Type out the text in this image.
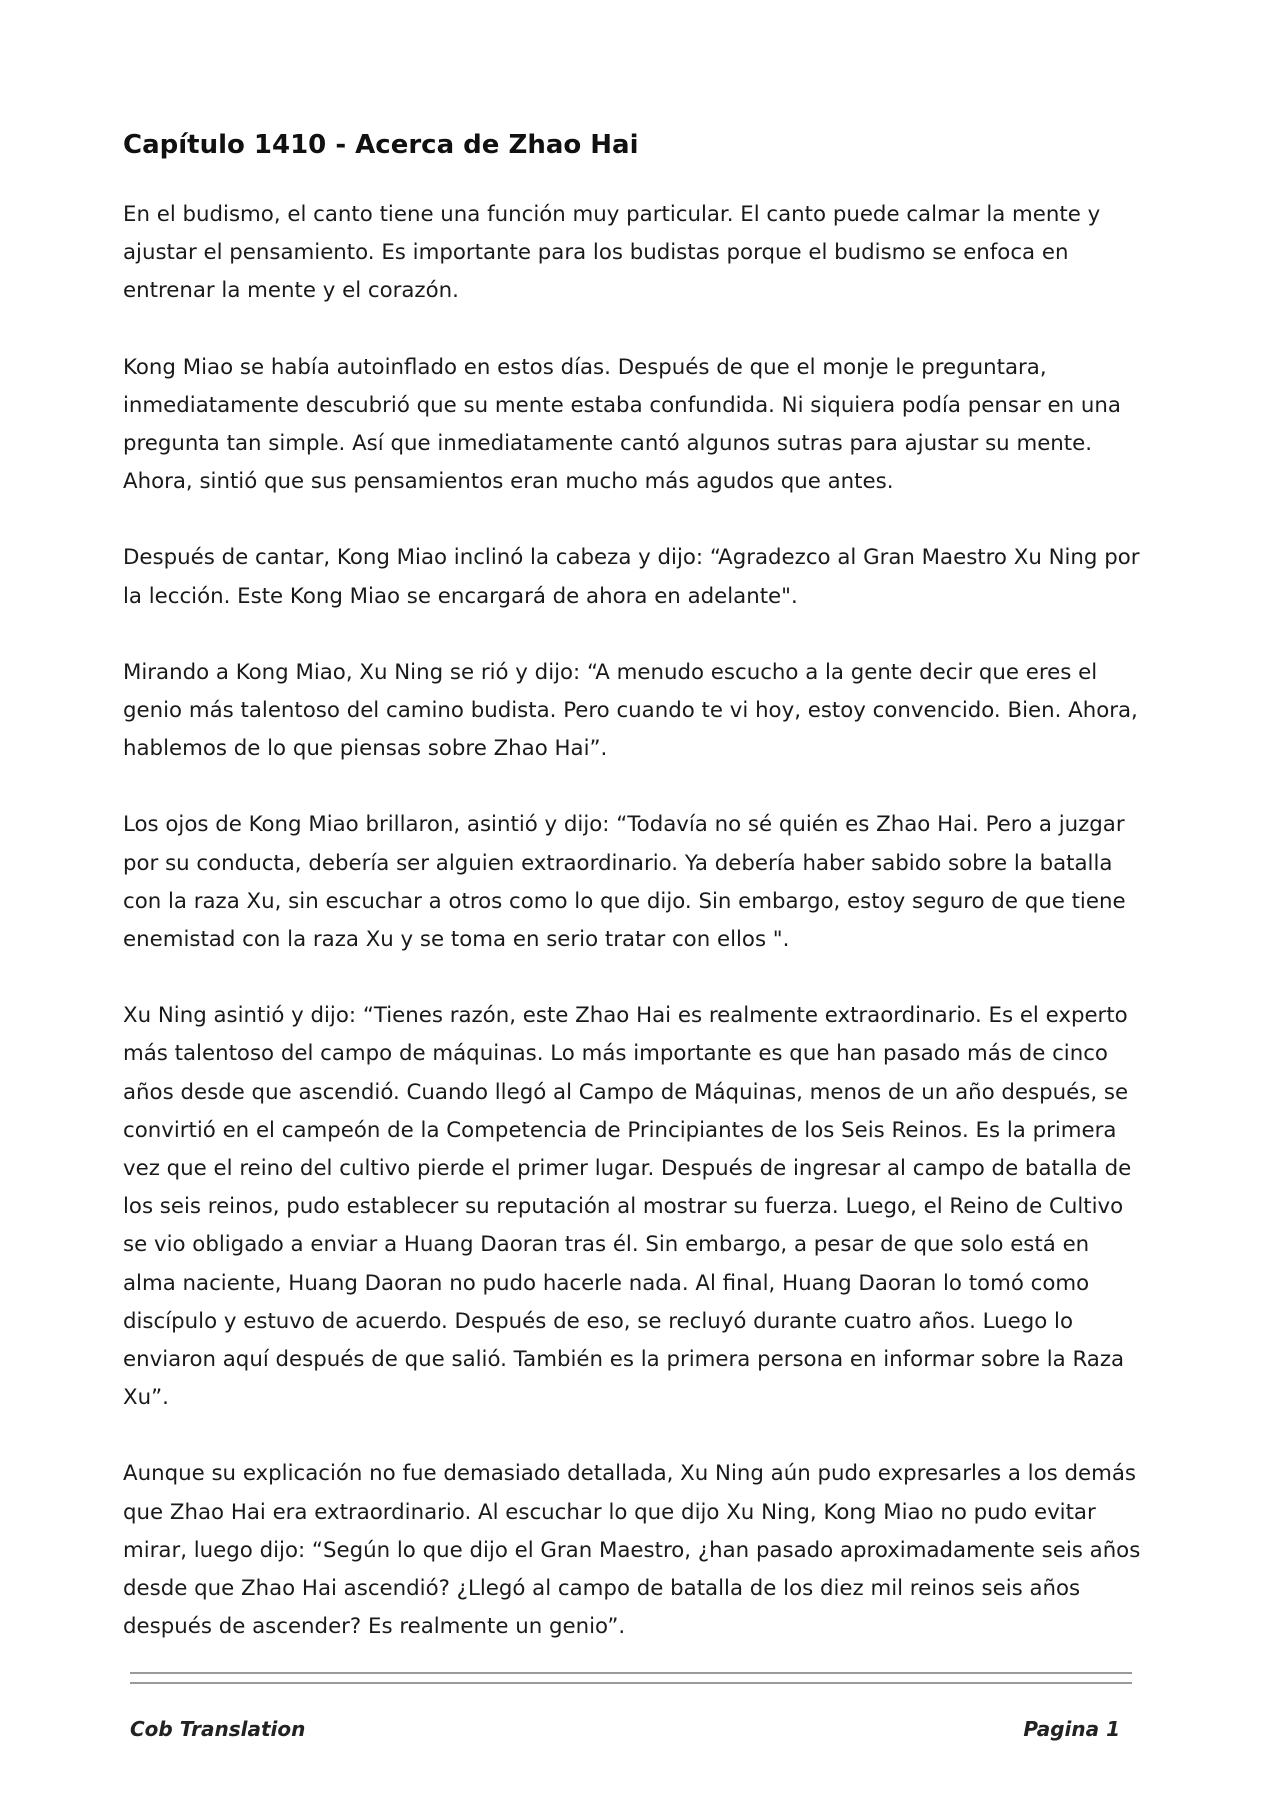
Capítulo 1410 - Acerca de Zhao Hai

En el budismo, el canto tiene una función muy particular. El canto puede calmar la mente y ajustar el pensamiento. Es importante para los budistas porque el budismo se enfoca en entrenar la mente y el corazón.

Kong Miao se había autoinflado en estos días. Después de que el monje le preguntara, inmediatamente descubrió que su mente estaba confundida. Ni siquiera podía pensar en una pregunta tan simple. Así que inmediatamente cantó algunos sutras para ajustar su mente. Ahora, sintió que sus pensamientos eran mucho más agudos que antes.

Después de cantar, Kong Miao inclinó la cabeza y dijo: “Agradezco al Gran Maestro Xu Ning por la lección. Este Kong Miao se encargará de ahora en adelante".

Mirando a Kong Miao, Xu Ning se rió y dijo: “A menudo escucho a la gente decir que eres el genio más talentoso del camino budista. Pero cuando te vi hoy, estoy convencido. Bien. Ahora, hablemos de lo que piensas sobre Zhao Hai”.

Los ojos de Kong Miao brillaron, asintió y dijo: “Todavía no sé quién es Zhao Hai. Pero a juzgar por su conducta, debería ser alguien extraordinario. Ya debería haber sabido sobre la batalla con la raza Xu, sin escuchar a otros como lo que dijo. Sin embargo, estoy seguro de que tiene enemistad con la raza Xu y se toma en serio tratar con ellos ".

Xu Ning asintió y dijo: “Tienes razón, este Zhao Hai es realmente extraordinario. Es el experto más talentoso del campo de máquinas. Lo más importante es que han pasado más de cinco años desde que ascendió. Cuando llegó al Campo de Máquinas, menos de un año después, se convirtió en el campeón de la Competencia de Principiantes de los Seis Reinos. Es la primera vez que el reino del cultivo pierde el primer lugar. Después de ingresar al campo de batalla de los seis reinos, pudo establecer su reputación al mostrar su fuerza. Luego, el Reino de Cultivo se vio obligado a enviar a Huang Daoran tras él. Sin embargo, a pesar de que solo está en alma naciente, Huang Daoran no pudo hacerle nada. Al final, Huang Daoran lo tomó como discípulo y estuvo de acuerdo. Después de eso, se recluyó durante cuatro años. Luego lo enviaron aquí después de que salió. También es la primera persona en informar sobre la Raza Xu”.

Aunque su explicación no fue demasiado detallada, Xu Ning aún pudo expresarles a los demás que Zhao Hai era extraordinario. Al escuchar lo que dijo Xu Ning, Kong Miao no pudo evitar mirar, luego dijo: “Según lo que dijo el Gran Maestro, ¿han pasado aproximadamente seis años desde que Zhao Hai ascendió? ¿Llegó al campo de batalla de los diez mil reinos seis años después de ascender? Es realmente un genio”.

Cob Translation	Pagina 1
